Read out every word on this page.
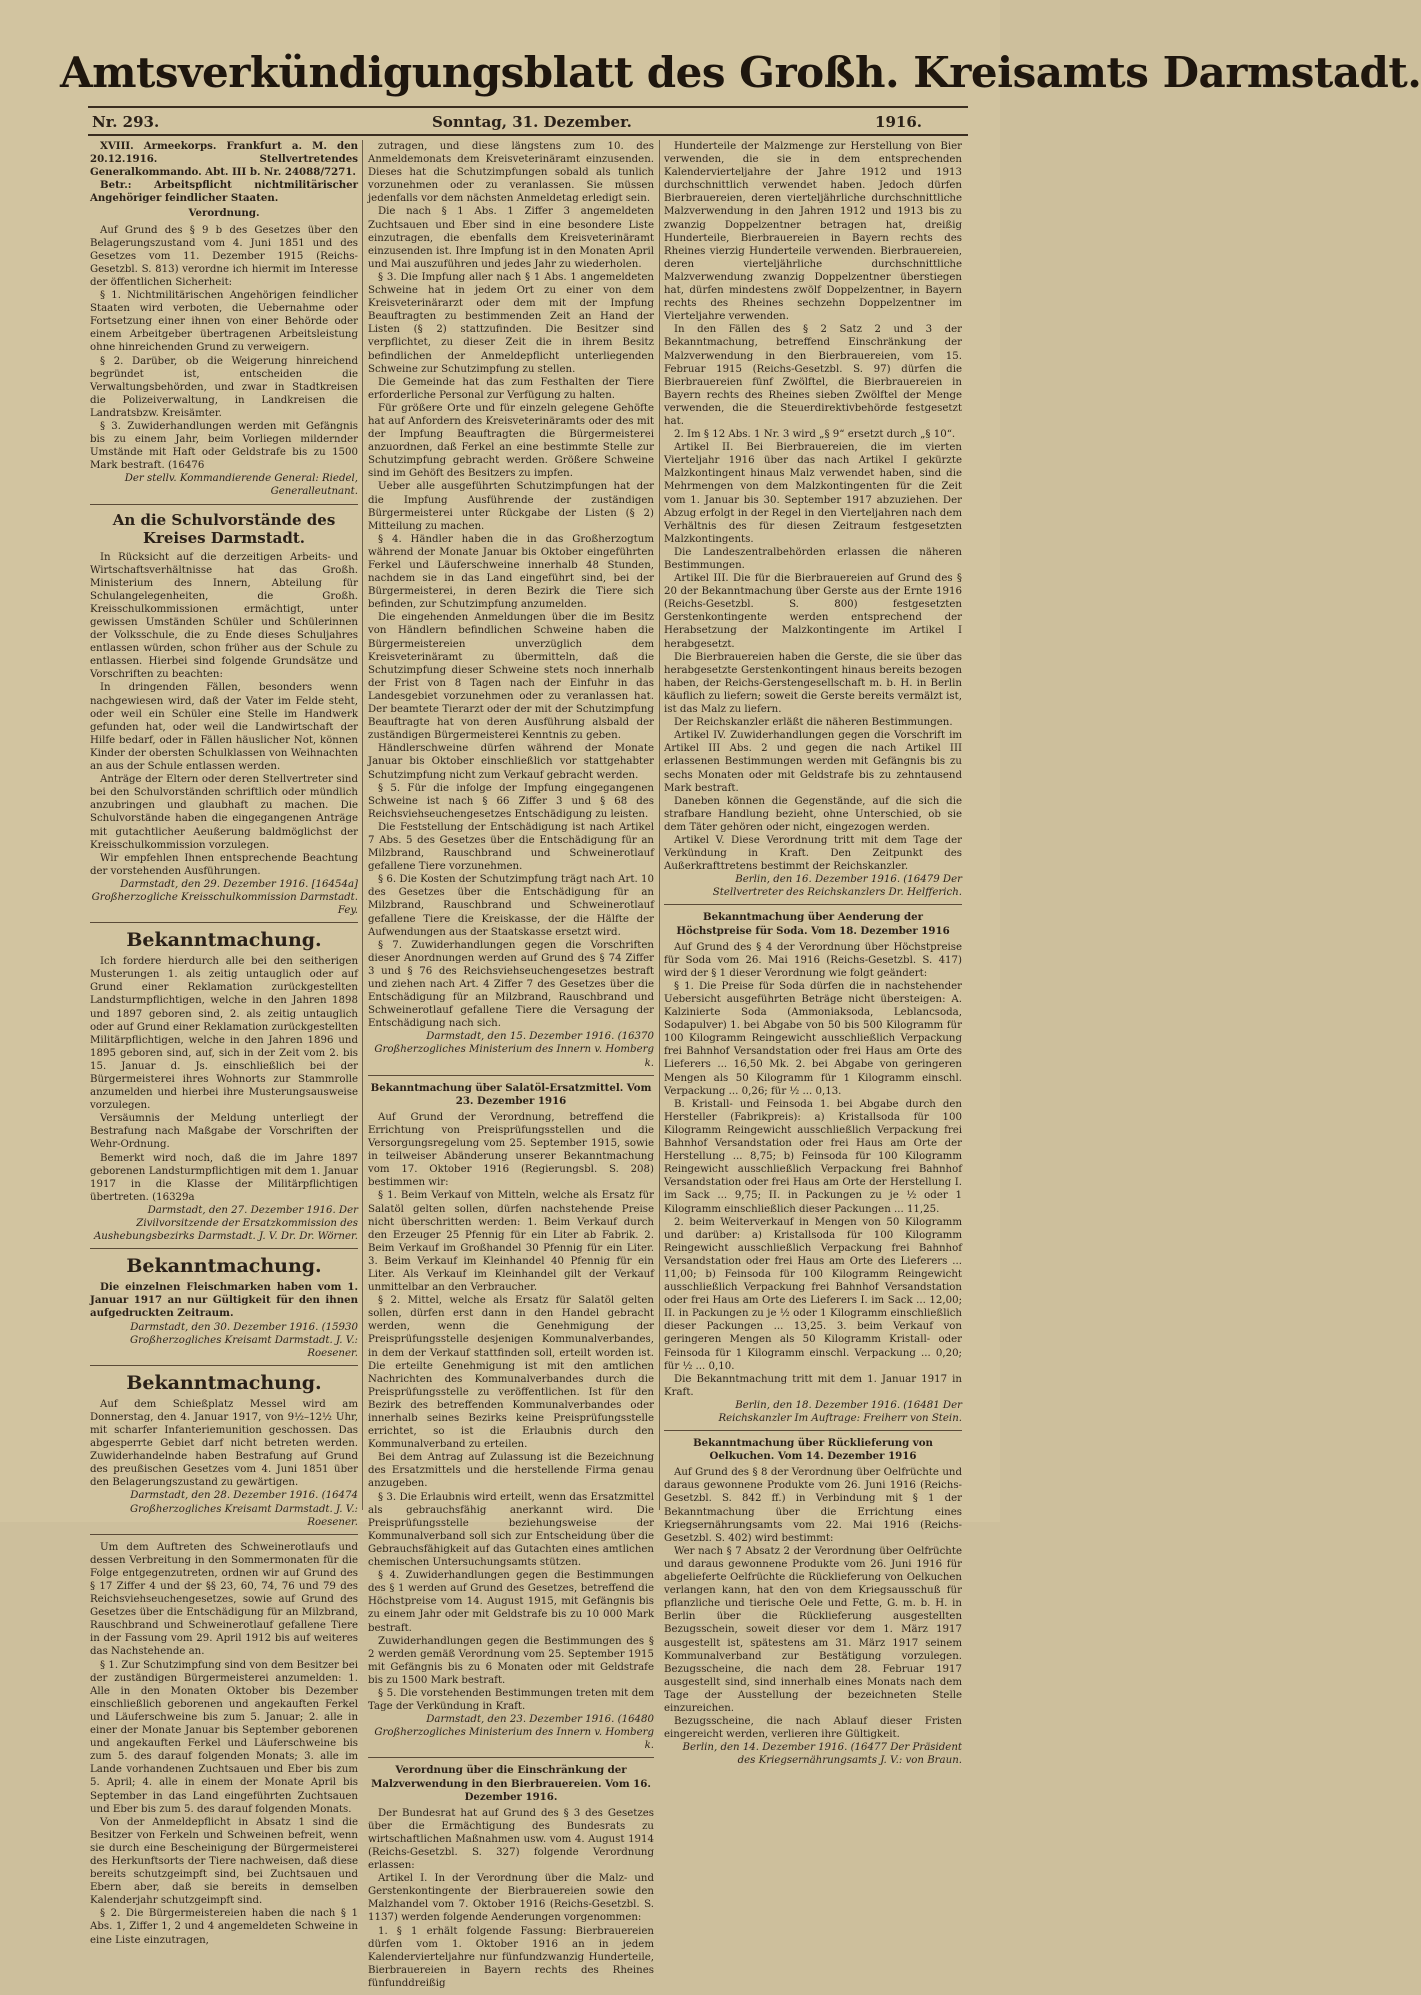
Amtsverkündigungsblatt des Großh. Kreisamts Darmstadt.
Nr. 293.	Sonntag, 31. Dezember.	1916.

XVIII. Armeekorps. Frankfurt a. M. den 20.12.1916. Stellvertretendes Generalkommando. Abt. III b. Nr. 24088/7271.

Betr.: Arbeitspflicht nichtmilitärischer Angehöriger feindlicher Staaten.

Verordnung.

Auf Grund des § 9 b des Gesetzes über den Belagerungszustand vom 4. Juni 1851 und des Gesetzes vom 11. Dezember 1915 (Reichs-Gesetzbl. S. 813) verordne ich hiermit im Interesse der öffentlichen Sicherheit:

§ 1. Nichtmilitärischen Angehörigen feindlicher Staaten wird verboten, die Uebernahme oder Fortsetzung einer ihnen von einer Behörde oder einem Arbeitgeber übertragenen Arbeitsleistung ohne hinreichenden Grund zu verweigern.

§ 2. Darüber, ob die Weigerung hinreichend begründet ist, entscheiden die Verwaltungsbehörden, und zwar in Stadtkreisen die Polizeiverwaltung, in Landkreisen die Landratsbzw. Kreisämter.

§ 3. Zuwiderhandlungen werden mit Gefängnis bis zu einem Jahr, beim Vorliegen mildernder Umstände mit Haft oder Geldstrafe bis zu 1500 Mark bestraft. (16476

Der stellv. Kommandierende General: Riedel, Generalleutnant.

An die Schulvorstände des Kreises Darmstadt.

In Rücksicht auf die derzeitigen Arbeits- und Wirtschaftsverhältnisse hat das Großh. Ministerium des Innern, Abteilung für Schulangelegenheiten, die Großh. Kreisschulkommissionen ermächtigt, unter gewissen Umständen Schüler und Schülerinnen der Volksschule, die zu Ende dieses Schuljahres entlassen würden, schon früher aus der Schule zu entlassen. Hierbei sind folgende Grundsätze und Vorschriften zu beachten:

In dringenden Fällen, besonders wenn nachgewiesen wird, daß der Vater im Felde steht, oder weil ein Schüler eine Stelle im Handwerk gefunden hat, oder weil die Landwirtschaft der Hilfe bedarf, oder in Fällen häuslicher Not, können Kinder der obersten Schulklassen von Weihnachten an aus der Schule entlassen werden.

Anträge der Eltern oder deren Stellvertreter sind bei den Schulvorständen schriftlich oder mündlich anzubringen und glaubhaft zu machen. Die Schulvorstände haben die eingegangenen Anträge mit gutachtlicher Aeußerung baldmöglichst der Kreisschulkommission vorzulegen.

Wir empfehlen Ihnen entsprechende Beachtung der vorstehenden Ausführungen.

Darmstadt, den 29. Dezember 1916. [16454a] Großherzogliche Kreisschulkommission Darmstadt. Fey.

Bekanntmachung.

Ich fordere hierdurch alle bei den seitherigen Musterungen 1. als zeitig untauglich oder auf Grund einer Reklamation zurückgestellten Landsturmpflichtigen, welche in den Jahren 1898 und 1897 geboren sind, 2. als zeitig untauglich oder auf Grund einer Reklamation zurückgestellten Militärpflichtigen, welche in den Jahren 1896 und 1895 geboren sind, auf, sich in der Zeit vom 2. bis 15. Januar d. Js. einschließlich bei der Bürgermeisterei ihres Wohnorts zur Stammrolle anzumelden und hierbei ihre Musterungsausweise vorzulegen.

Versäumnis der Meldung unterliegt der Bestrafung nach Maßgabe der Vorschriften der Wehr-Ordnung.

Bemerkt wird noch, daß die im Jahre 1897 geborenen Landsturmpflichtigen mit dem 1. Januar 1917 in die Klasse der Militärpflichtigen übertreten. (16329a

Darmstadt, den 27. Dezember 1916. Der Zivilvorsitzende der Ersatzkommission des Aushebungsbezirks Darmstadt. J. V. Dr. Dr. Wörner.

Bekanntmachung.

Die einzelnen Fleischmarken haben vom 1. Januar 1917 an nur Gültigkeit für den ihnen aufgedruckten Zeitraum.

Darmstadt, den 30. Dezember 1916. (15930 Großherzogliches Kreisamt Darmstadt. J. V.: Roesener.

Bekanntmachung.

Auf dem Schießplatz Messel wird am Donnerstag, den 4. Januar 1917, von 9½–12½ Uhr, mit scharfer Infanteriemunition geschossen. Das abgesperrte Gebiet darf nicht betreten werden. Zuwiderhandelnde haben Bestrafung auf Grund des preußischen Gesetzes vom 4. Juni 1851 über den Belagerungszustand zu gewärtigen.

Darmstadt, den 28. Dezember 1916. (16474 Großherzogliches Kreisamt Darmstadt. J. V.: Roesener.

Um dem Auftreten des Schweinerotlaufs und dessen Verbreitung in den Sommermonaten für die Folge entgegenzutreten, ordnen wir auf Grund des § 17 Ziffer 4 und der §§ 23, 60, 74, 76 und 79 des Reichsviehseuchengesetzes, sowie auf Grund des Gesetzes über die Entschädigung für an Milzbrand, Rauschbrand und Schweinerotlauf gefallene Tiere in der Fassung vom 29. April 1912 bis auf weiteres das Nachstehende an.

§ 1. Zur Schutzimpfung sind von dem Besitzer bei der zuständigen Bürgermeisterei anzumelden: 1. Alle in den Monaten Oktober bis Dezember einschließlich geborenen und angekauften Ferkel und Läuferschweine bis zum 5. Januar; 2. alle in einer der Monate Januar bis September geborenen und angekauften Ferkel und Läuferschweine bis zum 5. des darauf folgenden Monats; 3. alle im Lande vorhandenen Zuchtsauen und Eber bis zum 5. April; 4. alle in einem der Monate April bis September in das Land eingeführten Zuchtsauen und Eber bis zum 5. des darauf folgenden Monats.

Von der Anmeldepflicht in Absatz 1 sind die Besitzer von Ferkeln und Schweinen befreit, wenn sie durch eine Bescheinigung der Bürgermeisterei des Herkunftsorts der Tiere nachweisen, daß diese bereits schutzgeimpft sind, bei Zuchtsauen und Ebern aber, daß sie bereits in demselben Kalenderjahr schutzgeimpft sind.

§ 2. Die Bürgermeistereien haben die nach § 1 Abs. 1, Ziffer 1, 2 und 4 angemeldeten Schweine in eine Liste einzutragen,

zutragen, und diese längstens zum 10. des Anmeldemonats dem Kreisveterinäramt einzusenden. Dieses hat die Schutzimpfungen sobald als tunlich vorzunehmen oder zu veranlassen. Sie müssen jedenfalls vor dem nächsten Anmeldetag erledigt sein.

Die nach § 1 Abs. 1 Ziffer 3 angemeldeten Zuchtsauen und Eber sind in eine besondere Liste einzutragen, die ebenfalls dem Kreisveterinäramt einzusenden ist. Ihre Impfung ist in den Monaten April und Mai auszuführen und jedes Jahr zu wiederholen.

§ 3. Die Impfung aller nach § 1 Abs. 1 angemeldeten Schweine hat in jedem Ort zu einer von dem Kreisveterinärarzt oder dem mit der Impfung Beauftragten zu bestimmenden Zeit an Hand der Listen (§ 2) stattzufinden. Die Besitzer sind verpflichtet, zu dieser Zeit die in ihrem Besitz befindlichen der Anmeldepflicht unterliegenden Schweine zur Schutzimpfung zu stellen.

Die Gemeinde hat das zum Festhalten der Tiere erforderliche Personal zur Verfügung zu halten.

Für größere Orte und für einzeln gelegene Gehöfte hat auf Anfordern des Kreisveterinäramts oder des mit der Impfung Beauftragten die Bürgermeisterei anzuordnen, daß Ferkel an eine bestimmte Stelle zur Schutzimpfung gebracht werden. Größere Schweine sind im Gehöft des Besitzers zu impfen.

Ueber alle ausgeführten Schutzimpfungen hat der die Impfung Ausführende der zuständigen Bürgermeisterei unter Rückgabe der Listen (§ 2) Mitteilung zu machen.

§ 4. Händler haben die in das Großherzogtum während der Monate Januar bis Oktober eingeführten Ferkel und Läuferschweine innerhalb 48 Stunden, nachdem sie in das Land eingeführt sind, bei der Bürgermeisterei, in deren Bezirk die Tiere sich befinden, zur Schutzimpfung anzumelden.

Die eingehenden Anmeldungen über die im Besitz von Händlern befindlichen Schweine haben die Bürgermeistereien unverzüglich dem Kreisveterinäramt zu übermitteln, daß die Schutzimpfung dieser Schweine stets noch innerhalb der Frist von 8 Tagen nach der Einfuhr in das Landesgebiet vorzunehmen oder zu veranlassen hat. Der beamtete Tierarzt oder der mit der Schutzimpfung Beauftragte hat von deren Ausführung alsbald der zuständigen Bürgermeisterei Kenntnis zu geben.

Händlerschweine dürfen während der Monate Januar bis Oktober einschließlich vor stattgehabter Schutzimpfung nicht zum Verkauf gebracht werden.

§ 5. Für die infolge der Impfung eingegangenen Schweine ist nach § 66 Ziffer 3 und § 68 des Reichsviehseuchengesetzes Entschädigung zu leisten.

Die Feststellung der Entschädigung ist nach Artikel 7 Abs. 5 des Gesetzes über die Entschädigung für an Milzbrand, Rauschbrand und Schweinerotlauf gefallene Tiere vorzunehmen.

§ 6. Die Kosten der Schutzimpfung trägt nach Art. 10 des Gesetzes über die Entschädigung für an Milzbrand, Rauschbrand und Schweinerotlauf gefallene Tiere die Kreiskasse, der die Hälfte der Aufwendungen aus der Staatskasse ersetzt wird.

§ 7. Zuwiderhandlungen gegen die Vorschriften dieser Anordnungen werden auf Grund des § 74 Ziffer 3 und § 76 des Reichsviehseuchengesetzes bestraft und ziehen nach Art. 4 Ziffer 7 des Gesetzes über die Entschädigung für an Milzbrand, Rauschbrand und Schweinerotlauf gefallene Tiere die Versagung der Entschädigung nach sich.

Darmstadt, den 15. Dezember 1916. (16370 Großherzogliches Ministerium des Innern v. Homberg k.

Bekanntmachung über Salatöl-Ersatzmittel. Vom 23. Dezember 1916

Auf Grund der Verordnung, betreffend die Errichtung von Preisprüfungsstellen und die Versorgungsregelung vom 25. September 1915, sowie in teilweiser Abänderung unserer Bekanntmachung vom 17. Oktober 1916 (Regierungsbl. S. 208) bestimmen wir:

§ 1. Beim Verkauf von Mitteln, welche als Ersatz für Salatöl gelten sollen, dürfen nachstehende Preise nicht überschritten werden: 1. Beim Verkauf durch den Erzeuger 25 Pfennig für ein Liter ab Fabrik. 2. Beim Verkauf im Großhandel 30 Pfennig für ein Liter. 3. Beim Verkauf im Kleinhandel 40 Pfennig für ein Liter. Als Verkauf im Kleinhandel gilt der Verkauf unmittelbar an den Verbraucher.

§ 2. Mittel, welche als Ersatz für Salatöl gelten sollen, dürfen erst dann in den Handel gebracht werden, wenn die Genehmigung der Preisprüfungsstelle desjenigen Kommunalverbandes, in dem der Verkauf stattfinden soll, erteilt worden ist. Die erteilte Genehmigung ist mit den amtlichen Nachrichten des Kommunalverbandes durch die Preisprüfungsstelle zu veröffentlichen. Ist für den Bezirk des betreffenden Kommunalverbandes oder innerhalb seines Bezirks keine Preisprüfungsstelle errichtet, so ist die Erlaubnis durch den Kommunalverband zu erteilen.

Bei dem Antrag auf Zulassung ist die Bezeichnung des Ersatzmittels und die herstellende Firma genau anzugeben.

§ 3. Die Erlaubnis wird erteilt, wenn das Ersatzmittel als gebrauchsfähig anerkannt wird. Die Preisprüfungsstelle beziehungsweise der Kommunalverband soll sich zur Entscheidung über die Gebrauchsfähigkeit auf das Gutachten eines amtlichen chemischen Untersuchungsamts stützen.

§ 4. Zuwiderhandlungen gegen die Bestimmungen des § 1 werden auf Grund des Gesetzes, betreffend die Höchstpreise vom 14. August 1915, mit Gefängnis bis zu einem Jahr oder mit Geldstrafe bis zu 10 000 Mark bestraft.

Zuwiderhandlungen gegen die Bestimmungen des § 2 werden gemäß Verordnung vom 25. September 1915 mit Gefängnis bis zu 6 Monaten oder mit Geldstrafe bis zu 1500 Mark bestraft.

§ 5. Die vorstehenden Bestimmungen treten mit dem Tage der Verkündung in Kraft.

Darmstadt, den 23. Dezember 1916. (16480 Großherzogliches Ministerium des Innern v. Homberg k.

Verordnung über die Einschränkung der Malzverwendung in den Bierbrauereien. Vom 16. Dezember 1916.

Der Bundesrat hat auf Grund des § 3 des Gesetzes über die Ermächtigung des Bundesrats zu wirtschaftlichen Maßnahmen usw. vom 4. August 1914 (Reichs-Gesetzbl. S. 327) folgende Verordnung erlassen:

Artikel I. In der Verordnung über die Malz- und Gerstenkontingente der Bierbrauereien sowie den Malzhandel vom 7. Oktober 1916 (Reichs-Gesetzbl. S. 1137) werden folgende Aenderungen vorgenommen:

1. § 1 erhält folgende Fassung: Bierbrauereien dürfen vom 1. Oktober 1916 an in jedem Kalendervierteljahre nur fünfundzwanzig Hunderteile, Bierbrauereien in Bayern rechts des Rheines fünfunddreißig

Hunderteile der Malzmenge zur Herstellung von Bier verwenden, die sie in dem entsprechenden Kalendervierteljahre der Jahre 1912 und 1913 durchschnittlich verwendet haben. Jedoch dürfen Bierbrauereien, deren vierteljährliche durchschnittliche Malzverwendung in den Jahren 1912 und 1913 bis zu zwanzig Doppelzentner betragen hat, dreißig Hunderteile, Bierbrauereien in Bayern rechts des Rheines vierzig Hunderteile verwenden. Bierbrauereien, deren vierteljährliche durchschnittliche Malzverwendung zwanzig Doppelzentner überstiegen hat, dürfen mindestens zwölf Doppelzentner, in Bayern rechts des Rheines sechzehn Doppelzentner im Vierteljahre verwenden.

In den Fällen des § 2 Satz 2 und 3 der Bekanntmachung, betreffend Einschränkung der Malzverwendung in den Bierbrauereien, vom 15. Februar 1915 (Reichs-Gesetzbl. S. 97) dürfen die Bierbrauereien fünf Zwölftel, die Bierbrauereien in Bayern rechts des Rheines sieben Zwölftel der Menge verwenden, die die Steuerdirektivbehörde festgesetzt hat.

2. Im § 12 Abs. 1 Nr. 3 wird „§ 9“ ersetzt durch „§ 10“.

Artikel II. Bei Bierbrauereien, die im vierten Vierteljahr 1916 über das nach Artikel I gekürzte Malzkontingent hinaus Malz verwendet haben, sind die Mehrmengen von dem Malzkontingenten für die Zeit vom 1. Januar bis 30. September 1917 abzuziehen. Der Abzug erfolgt in der Regel in den Vierteljahren nach dem Verhältnis des für diesen Zeitraum festgesetzten Malzkontingents.

Die Landeszentralbehörden erlassen die näheren Bestimmungen.

Artikel III. Die für die Bierbrauereien auf Grund des § 20 der Bekanntmachung über Gerste aus der Ernte 1916 (Reichs-Gesetzbl. S. 800) festgesetzten Gerstenkontingente werden entsprechend der Herabsetzung der Malzkontingente im Artikel I herabgesetzt.

Die Bierbrauereien haben die Gerste, die sie über das herabgesetzte Gerstenkontingent hinaus bereits bezogen haben, der Reichs-Gerstengesellschaft m. b. H. in Berlin käuflich zu liefern; soweit die Gerste bereits vermälzt ist, ist das Malz zu liefern.

Der Reichskanzler erläßt die näheren Bestimmungen.

Artikel IV. Zuwiderhandlungen gegen die Vorschrift im Artikel III Abs. 2 und gegen die nach Artikel III erlassenen Bestimmungen werden mit Gefängnis bis zu sechs Monaten oder mit Geldstrafe bis zu zehntausend Mark bestraft.

Daneben können die Gegenstände, auf die sich die strafbare Handlung bezieht, ohne Unterschied, ob sie dem Täter gehören oder nicht, eingezogen werden.

Artikel V. Diese Verordnung tritt mit dem Tage der Verkündung in Kraft. Den Zeitpunkt des Außerkrafttretens bestimmt der Reichskanzler.

Berlin, den 16. Dezember 1916. (16479 Der Stellvertreter des Reichskanzlers Dr. Helfferich.

Bekanntmachung über Aenderung der Höchstpreise für Soda. Vom 18. Dezember 1916

Auf Grund des § 4 der Verordnung über Höchstpreise für Soda vom 26. Mai 1916 (Reichs-Gesetzbl. S. 417) wird der § 1 dieser Verordnung wie folgt geändert:

§ 1. Die Preise für Soda dürfen die in nachstehender Uebersicht ausgeführten Beträge nicht übersteigen: A. Kalzinierte Soda (Ammoniaksoda, Leblancsoda, Sodapulver) 1. bei Abgabe von 50 bis 500 Kilogramm für 100 Kilogramm Reingewicht ausschließlich Verpackung frei Bahnhof Versandstation oder frei Haus am Orte des Lieferers ... 16,50 Mk. 2. bei Abgabe von geringeren Mengen als 50 Kilogramm für 1 Kilogramm einschl. Verpackung ... 0,26; für ½ ... 0,13.

B. Kristall- und Feinsoda 1. bei Abgabe durch den Hersteller (Fabrikpreis): a) Kristallsoda für 100 Kilogramm Reingewicht ausschließlich Verpackung frei Bahnhof Versandstation oder frei Haus am Orte der Herstellung ... 8,75; b) Feinsoda für 100 Kilogramm Reingewicht ausschließlich Verpackung frei Bahnhof Versandstation oder frei Haus am Orte der Herstellung I. im Sack ... 9,75; II. in Packungen zu je ½ oder 1 Kilogramm einschließlich dieser Packungen ... 11,25.

2. beim Weiterverkauf in Mengen von 50 Kilogramm und darüber: a) Kristallsoda für 100 Kilogramm Reingewicht ausschließlich Verpackung frei Bahnhof Versandstation oder frei Haus am Orte des Lieferers ... 11,00; b) Feinsoda für 100 Kilogramm Reingewicht ausschließlich Verpackung frei Bahnhof Versandstation oder frei Haus am Orte des Lieferers I. im Sack ... 12,00; II. in Packungen zu je ½ oder 1 Kilogramm einschließlich dieser Packungen ... 13,25. 3. beim Verkauf von geringeren Mengen als 50 Kilogramm Kristall- oder Feinsoda für 1 Kilogramm einschl. Verpackung ... 0,20; für ½ ... 0,10.

Die Bekanntmachung tritt mit dem 1. Januar 1917 in Kraft.

Berlin, den 18. Dezember 1916. (16481 Der Reichskanzler Im Auftrage: Freiherr von Stein.

Bekanntmachung über Rücklieferung von Oelkuchen. Vom 14. Dezember 1916

Auf Grund des § 8 der Verordnung über Oelfrüchte und daraus gewonnene Produkte vom 26. Juni 1916 (Reichs-Gesetzbl. S. 842 ff.) in Verbindung mit § 1 der Bekanntmachung über die Errichtung eines Kriegsernährungsamts vom 22. Mai 1916 (Reichs-Gesetzbl. S. 402) wird bestimmt:

Wer nach § 7 Absatz 2 der Verordnung über Oelfrüchte und daraus gewonnene Produkte vom 26. Juni 1916 für abgelieferte Oelfrüchte die Rücklieferung von Oelkuchen verlangen kann, hat den von dem Kriegsausschuß für pflanzliche und tierische Oele und Fette, G. m. b. H. in Berlin über die Rücklieferung ausgestellten Bezugsschein, soweit dieser vor dem 1. März 1917 ausgestellt ist, spätestens am 31. März 1917 seinem Kommunalverband zur Bestätigung vorzulegen. Bezugsscheine, die nach dem 28. Februar 1917 ausgestellt sind, sind innerhalb eines Monats nach dem Tage der Ausstellung der bezeichneten Stelle einzureichen.

Bezugsscheine, die nach Ablauf dieser Fristen eingereicht werden, verlieren ihre Gültigkeit.

Berlin, den 14. Dezember 1916. (16477 Der Präsident des Kriegsernährungsamts J. V.: von Braun.
